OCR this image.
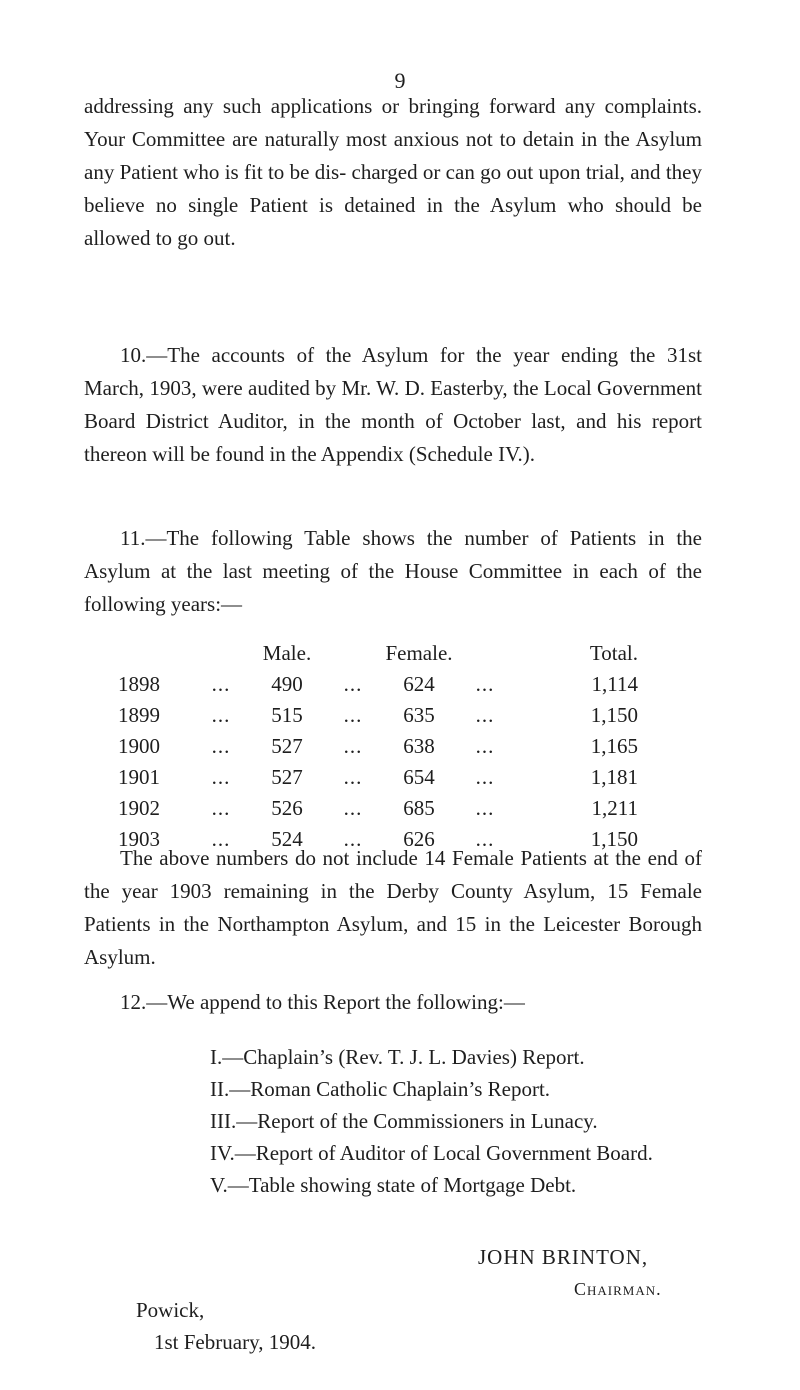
9

addressing any such applications or bringing forward any complaints. Your Committee are naturally most anxious not to detain in the Asylum any Patient who is fit to be dis- charged or can go out upon trial, and they believe no single Patient is detained in the Asylum who should be allowed to go out.

10.—The accounts of the Asylum for the year ending the 31st March, 1903, were audited by Mr. W. D. Easterby, the Local Government Board District Auditor, in the month of October last, and his report thereon will be found in the Appendix (Schedule IV.).

11.—The following Table shows the number of Patients in the Asylum at the last meeting of the House Committee in each of the following years:—

		Male.		Female.		Total.
1898	...	490	...	624	...	1,114
1899	...	515	...	635	...	1,150
1900	...	527	...	638	...	1,165
1901	...	527	...	654	...	1,181
1902	...	526	...	685	...	1,211
1903	...	524	...	626	...	1,150

The above numbers do not include 14 Female Patients at the end of the year 1903 remaining in the Derby County Asylum, 15 Female Patients in the Northampton Asylum, and 15 in the Leicester Borough Asylum.

12.—We append to this Report the following:—

I.—Chaplain’s (Rev. T. J. L. Davies) Report.
II.—Roman Catholic Chaplain’s Report.
III.—Report of the Commissioners in Lunacy.
IV.—Report of Auditor of Local Government Board.
V.—Table showing state of Mortgage Debt.
JOHN BRINTON,
Chairman.
Powick,
1st February, 1904.
